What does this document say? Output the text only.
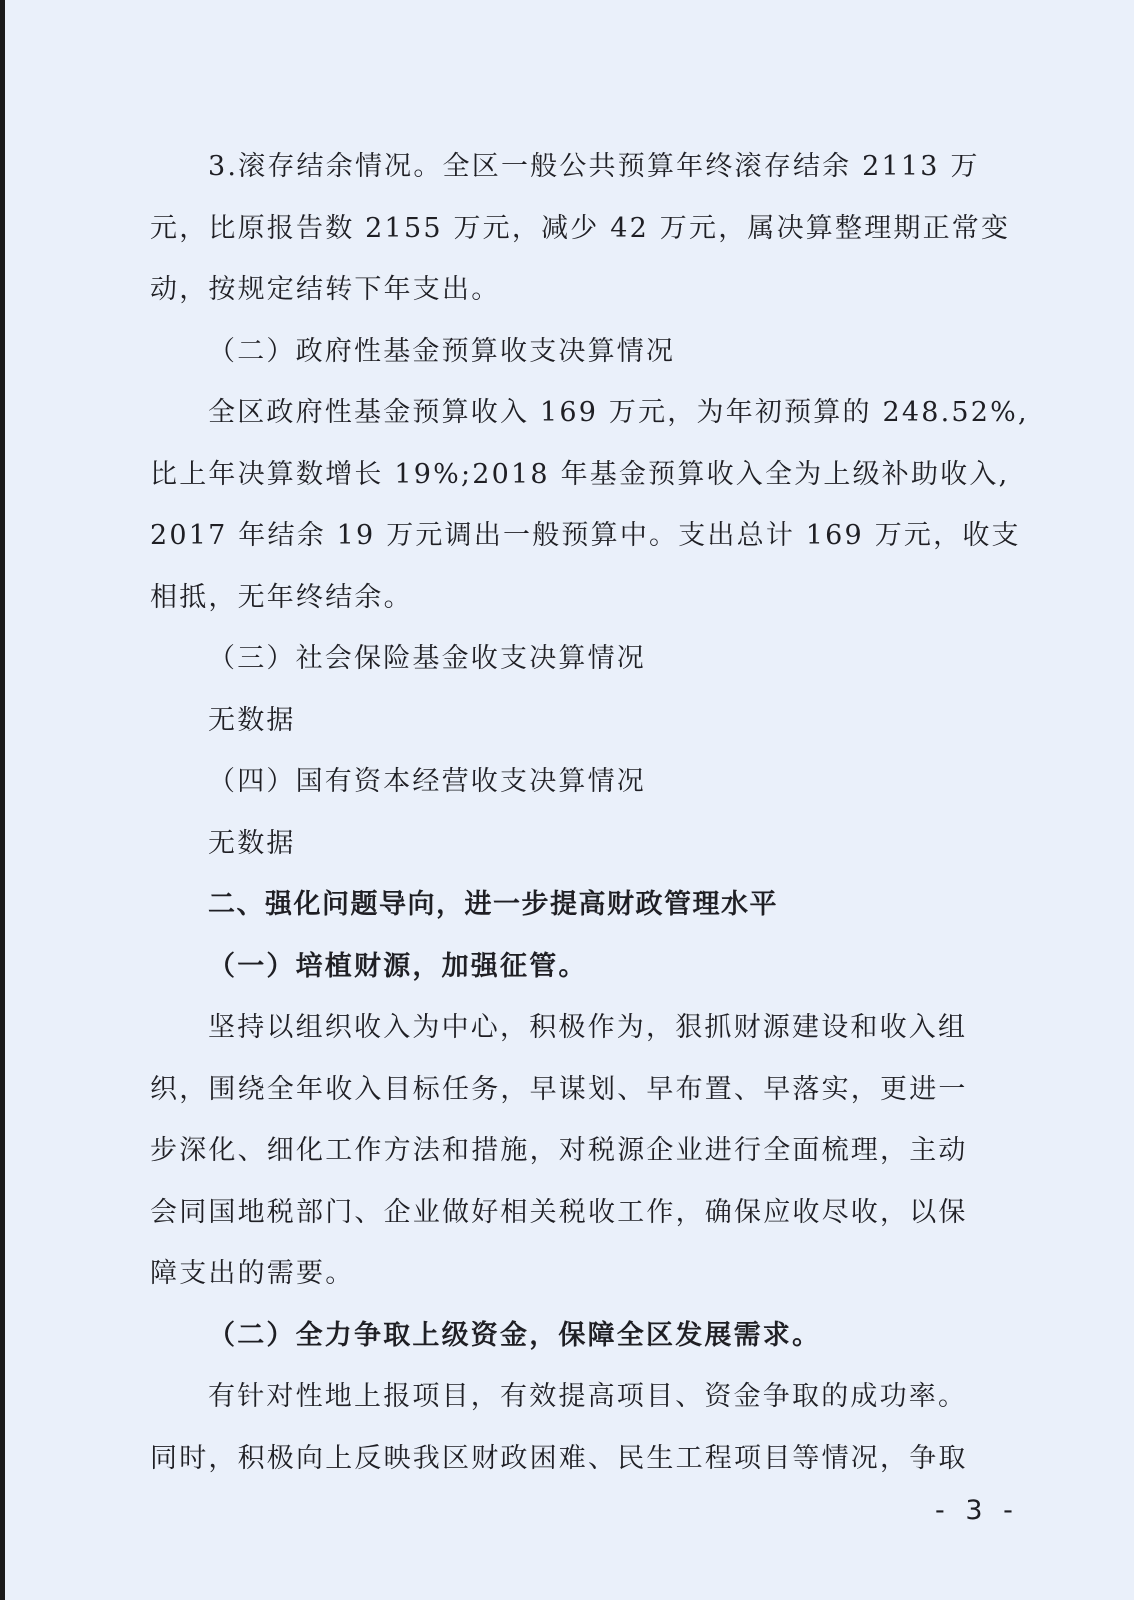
3.滚存结余情况。全区一般公共预算年终滚存结余 2113 万
元，比原报告数 2155 万元，减少 42 万元，属决算整理期正常变
动，按规定结转下年支出。
（二）政府性基金预算收支决算情况
全区政府性基金预算收入 169 万元，为年初预算的 248.52%,
比上年决算数增长 19%;2018 年基金预算收入全为上级补助收入,
2017 年结余 19 万元调出一般预算中。支出总计 169 万元，收支
相抵，无年终结余。
（三）社会保险基金收支决算情况
无数据
（四）国有资本经营收支决算情况
无数据
二、强化问题导向，进一步提高财政管理水平
（一）培植财源，加强征管。
坚持以组织收入为中心，积极作为，狠抓财源建设和收入组
织，围绕全年收入目标任务，早谋划、早布置、早落实，更进一
步深化、细化工作方法和措施，对税源企业进行全面梳理，主动
会同国地税部门、企业做好相关税收工作，确保应收尽收，以保
障支出的需要。
（二）全力争取上级资金，保障全区发展需求。
有针对性地上报项目，有效提高项目、资金争取的成功率。
同时，积极向上反映我区财政困难、民生工程项目等情况，争取
- 3 -
